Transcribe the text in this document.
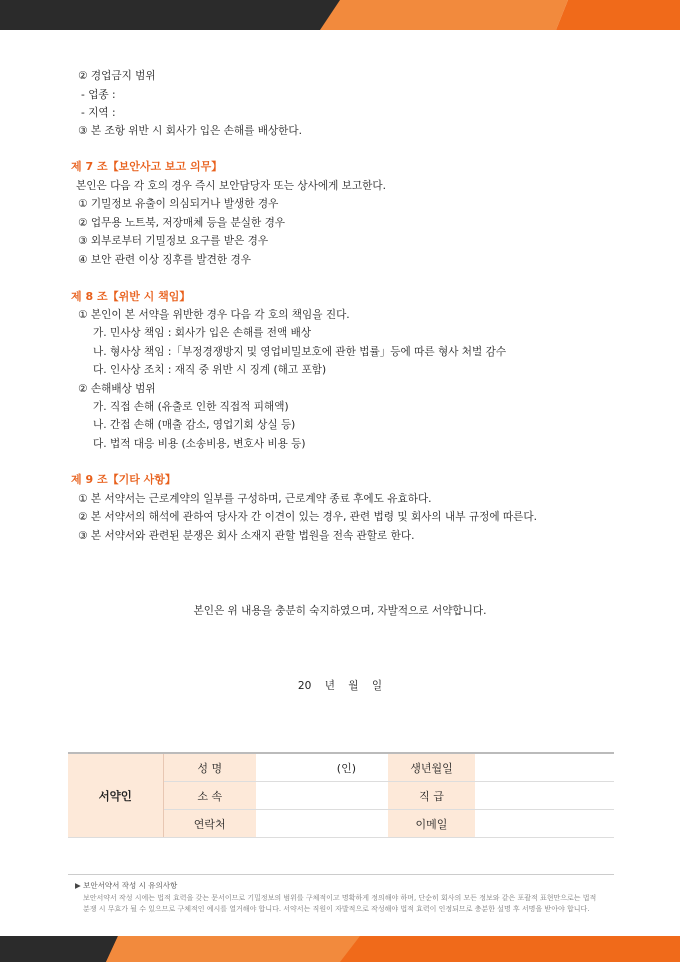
② 경업금지 범위
- 업종 :
- 지역 :
③ 본 조항 위반 시 회사가 입은 손해를 배상한다.
제 7 조【보안사고 보고 의무】
본인은 다음 각 호의 경우 즉시 보안담당자 또는 상사에게 보고한다.
① 기밀정보 유출이 의심되거나 발생한 경우
② 업무용 노트북, 저장매체 등을 분실한 경우
③ 외부로부터 기밀정보 요구를 받은 경우
④ 보안 관련 이상 징후를 발견한 경우
제 8 조【위반 시 책임】
① 본인이 본 서약을 위반한 경우 다음 각 호의 책임을 진다.
가. 민사상 책임 : 회사가 입은 손해를 전액 배상
나. 형사상 책임 :「부정경쟁방지 및 영업비밀보호에 관한 법률」등에 따른 형사 처벌 감수
다. 인사상 조치 : 재직 중 위반 시 징계 (해고 포함)
② 손해배상 범위
가. 직접 손해 (유출로 인한 직접적 피해액)
나. 간접 손해 (매출 감소, 영업기회 상실 등)
다. 법적 대응 비용 (소송비용, 변호사 비용 등)
제 9 조【기타 사항】
① 본 서약서는 근로계약의 일부를 구성하며, 근로계약 종료 후에도 유효하다.
② 본 서약서의 해석에 관하여 당사자 간 이견이 있는 경우, 관련 법령 및 회사의 내부 규정에 따른다.
③ 본 서약서와 관련된 분쟁은 회사 소재지 관할 법원을 전속 관할로 한다.
본인은 위 내용을 충분히 숙지하였으며, 자발적으로 서약합니다.
20 년 월 일
서약인	성 명	(인)	생년월일	
	소 속		직 급	
	연락처		이메일	
▶ 보안서약서 작성 시 유의사항
보안서약서 작성 시에는 법적 효력을 갖는 문서이므로 기밀정보의 범위를 구체적이고 명확하게 정의해야 하며, 단순히 회사의 모든 정보와 같은 포괄적 표현만으로는 법적 분쟁 시 무효가 될 수 있으므로 구체적인 예시를 열거해야 합니다. 서약서는 직원이 자발적으로 작성해야 법적 효력이 인정되므로 충분한 설명 후 서명을 받아야 합니다.
